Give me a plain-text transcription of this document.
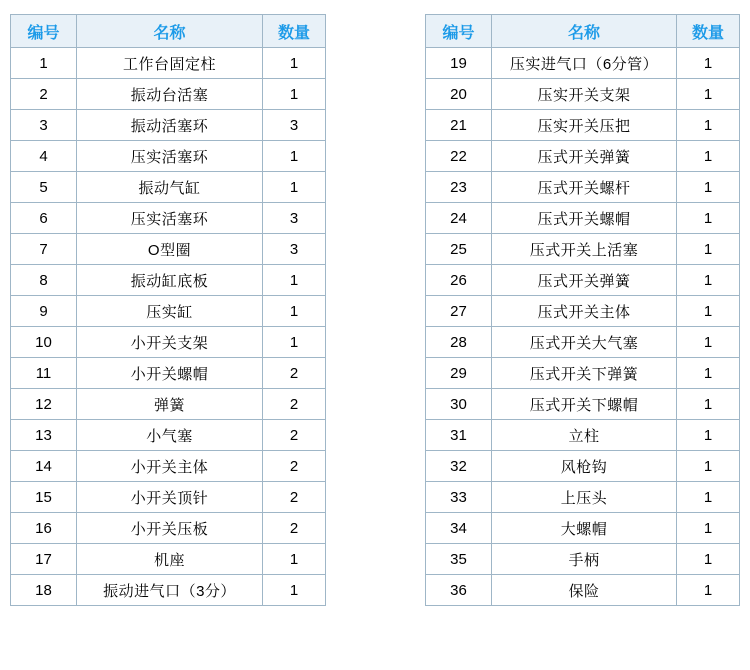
编号	名称	数量
1	工作台固定柱	1
2	振动台活塞	1
3	振动活塞环	3
4	压实活塞环	1
5	振动气缸	1
6	压实活塞环	3
7	O型圈	3
8	振动缸底板	1
9	压实缸	1
10	小开关支架	1
11	小开关螺帽	2
12	弹簧	2
13	小气塞	2
14	小开关主体	2
15	小开关顶针	2
16	小开关压板	2
17	机座	1
18	振动进气口（3分）	1
编号	名称	数量
19	压实进气口（6分管）	1
20	压实开关支架	1
21	压实开关压把	1
22	压式开关弹簧	1
23	压式开关螺杆	1
24	压式开关螺帽	1
25	压式开关上活塞	1
26	压式开关弹簧	1
27	压式开关主体	1
28	压式开关大气塞	1
29	压式开关下弹簧	1
30	压式开关下螺帽	1
31	立柱	1
32	风枪钩	1
33	上压头	1
34	大螺帽	1
35	手柄	1
36	保险	1
